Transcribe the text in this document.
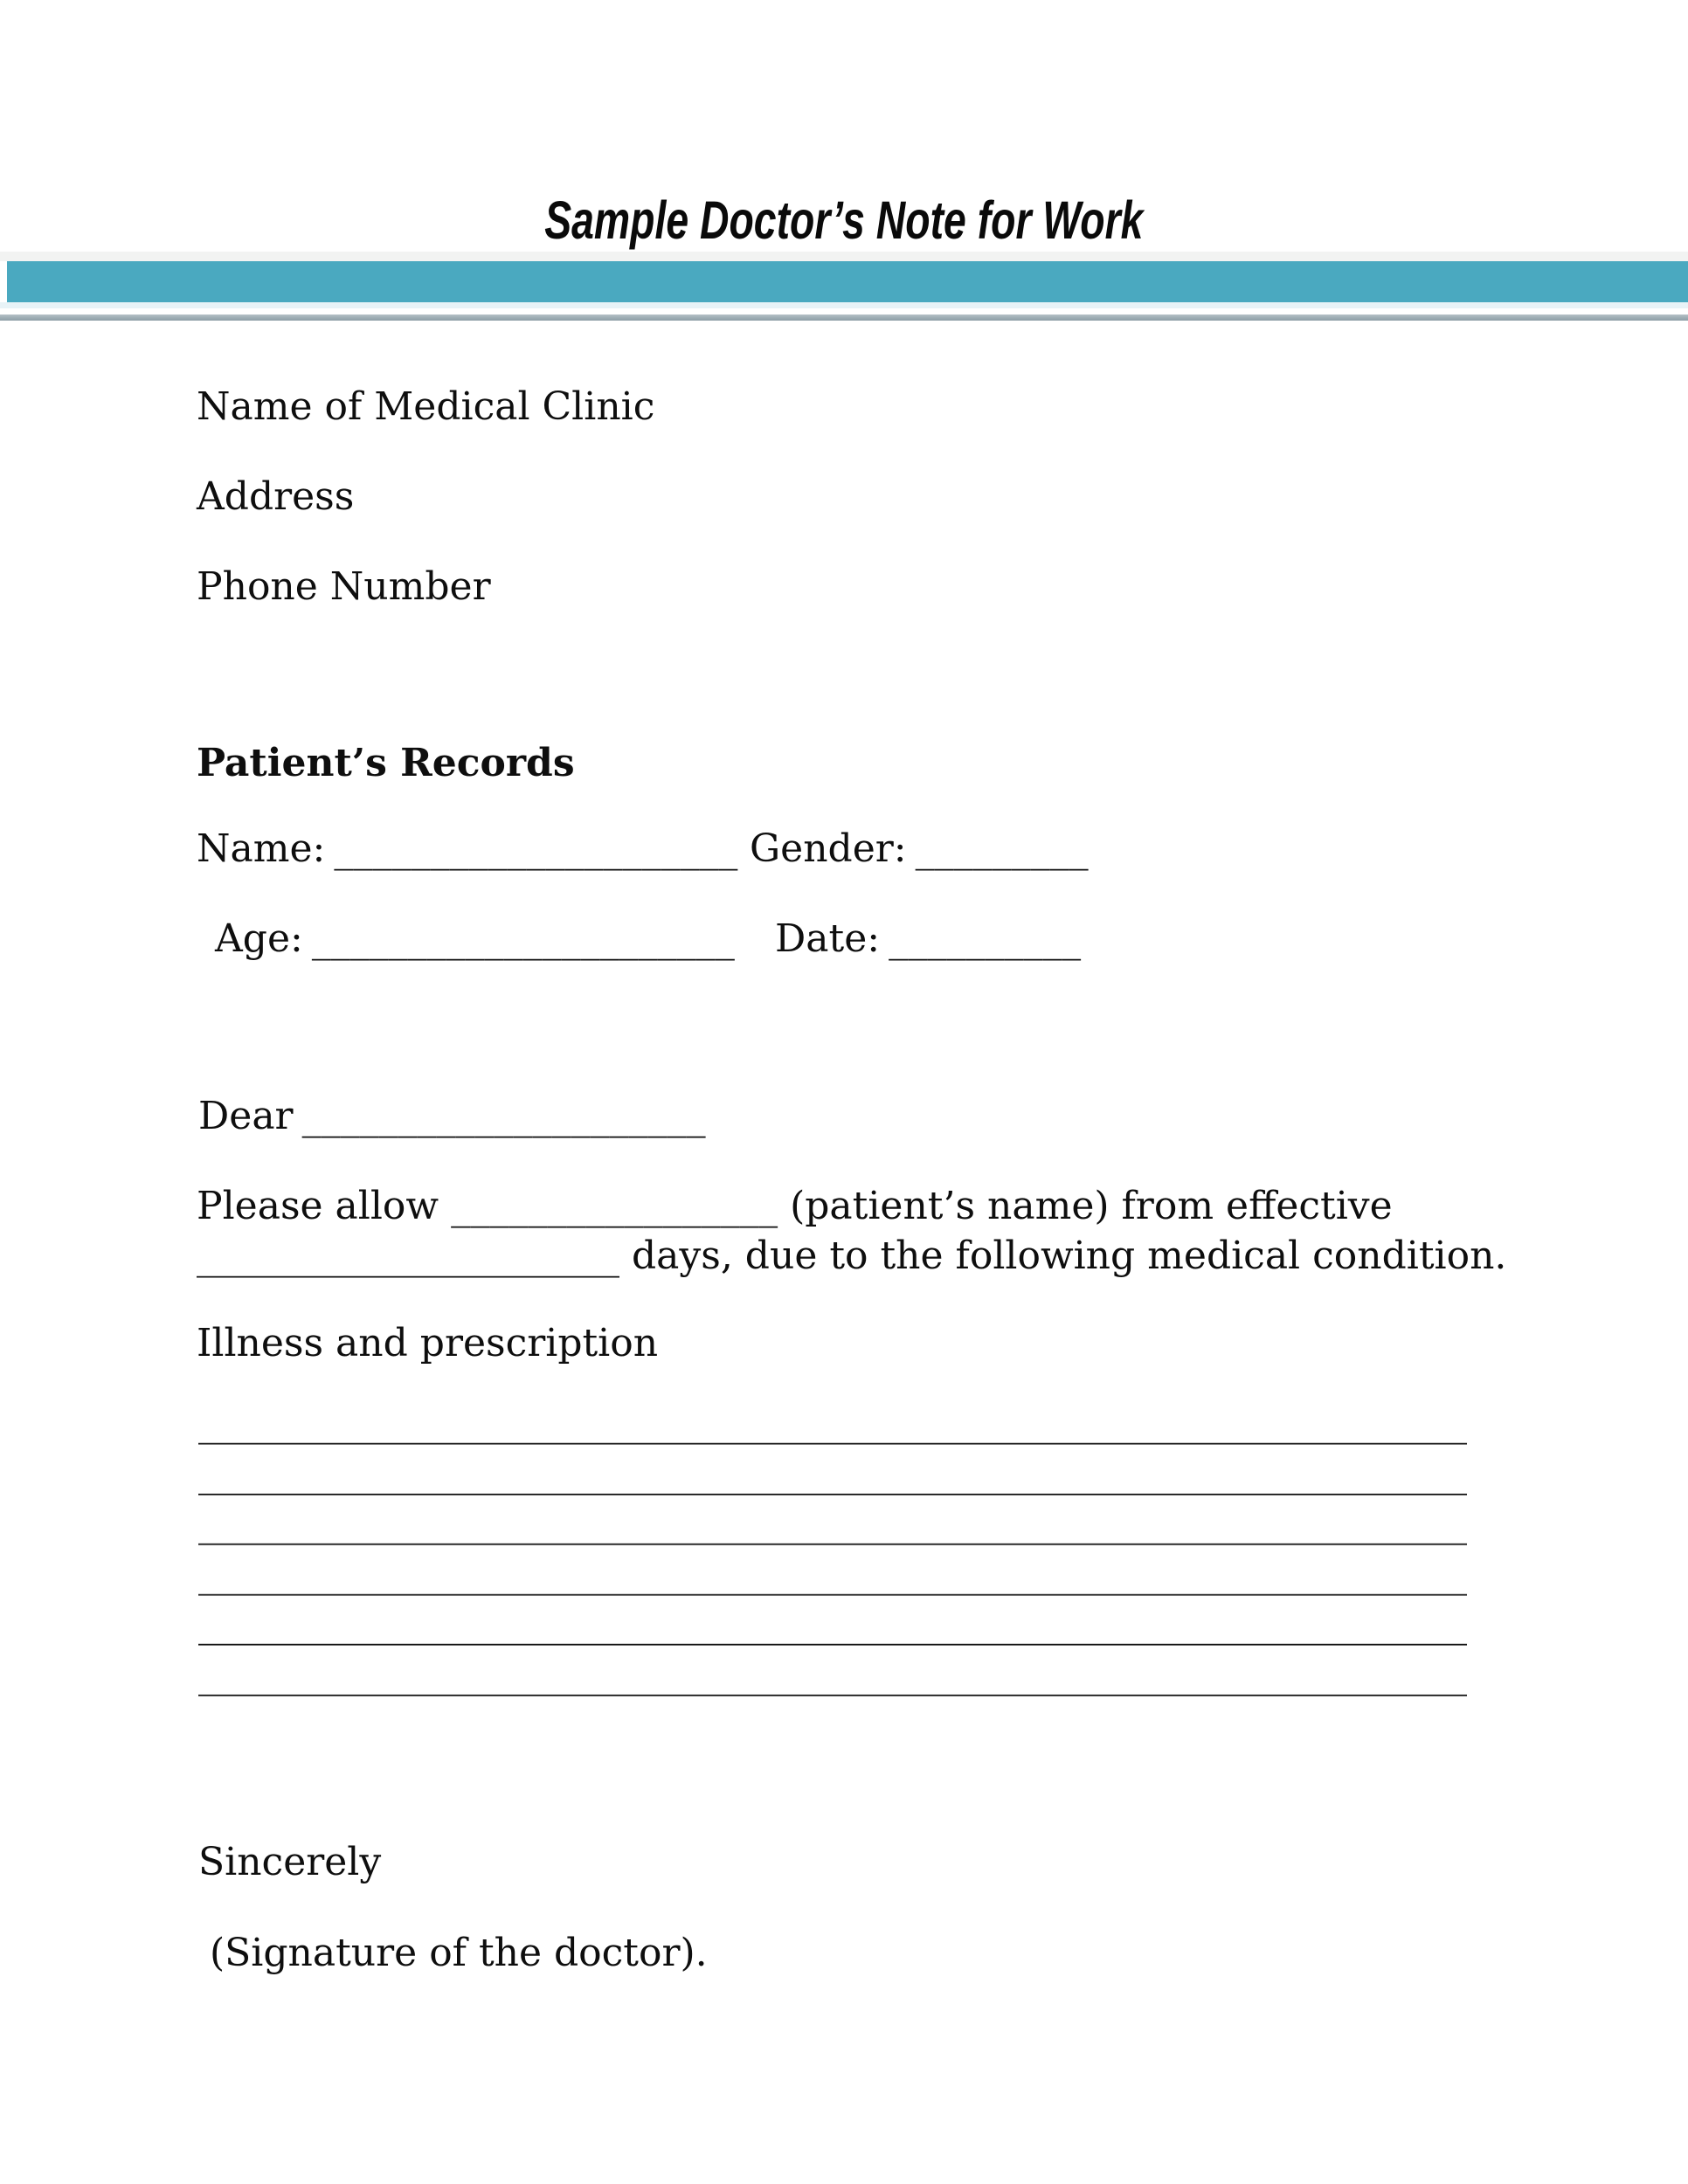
Sample Doctor’s Note for Work

Name of Medical Clinic

Address

Phone Number

Patient’s Records

Name: _____________________ Gender: _________
Age: ______________________ Date: __________
Dear _____________________

Please allow _________________ (patient’s name) from effective
______________________ days, due to the following medical condition.

Illness and prescription

__________________________________________________________________
__________________________________________________________________
__________________________________________________________________
__________________________________________________________________
__________________________________________________________________
__________________________________________________________________

Sincerely

(Signature of the doctor).
